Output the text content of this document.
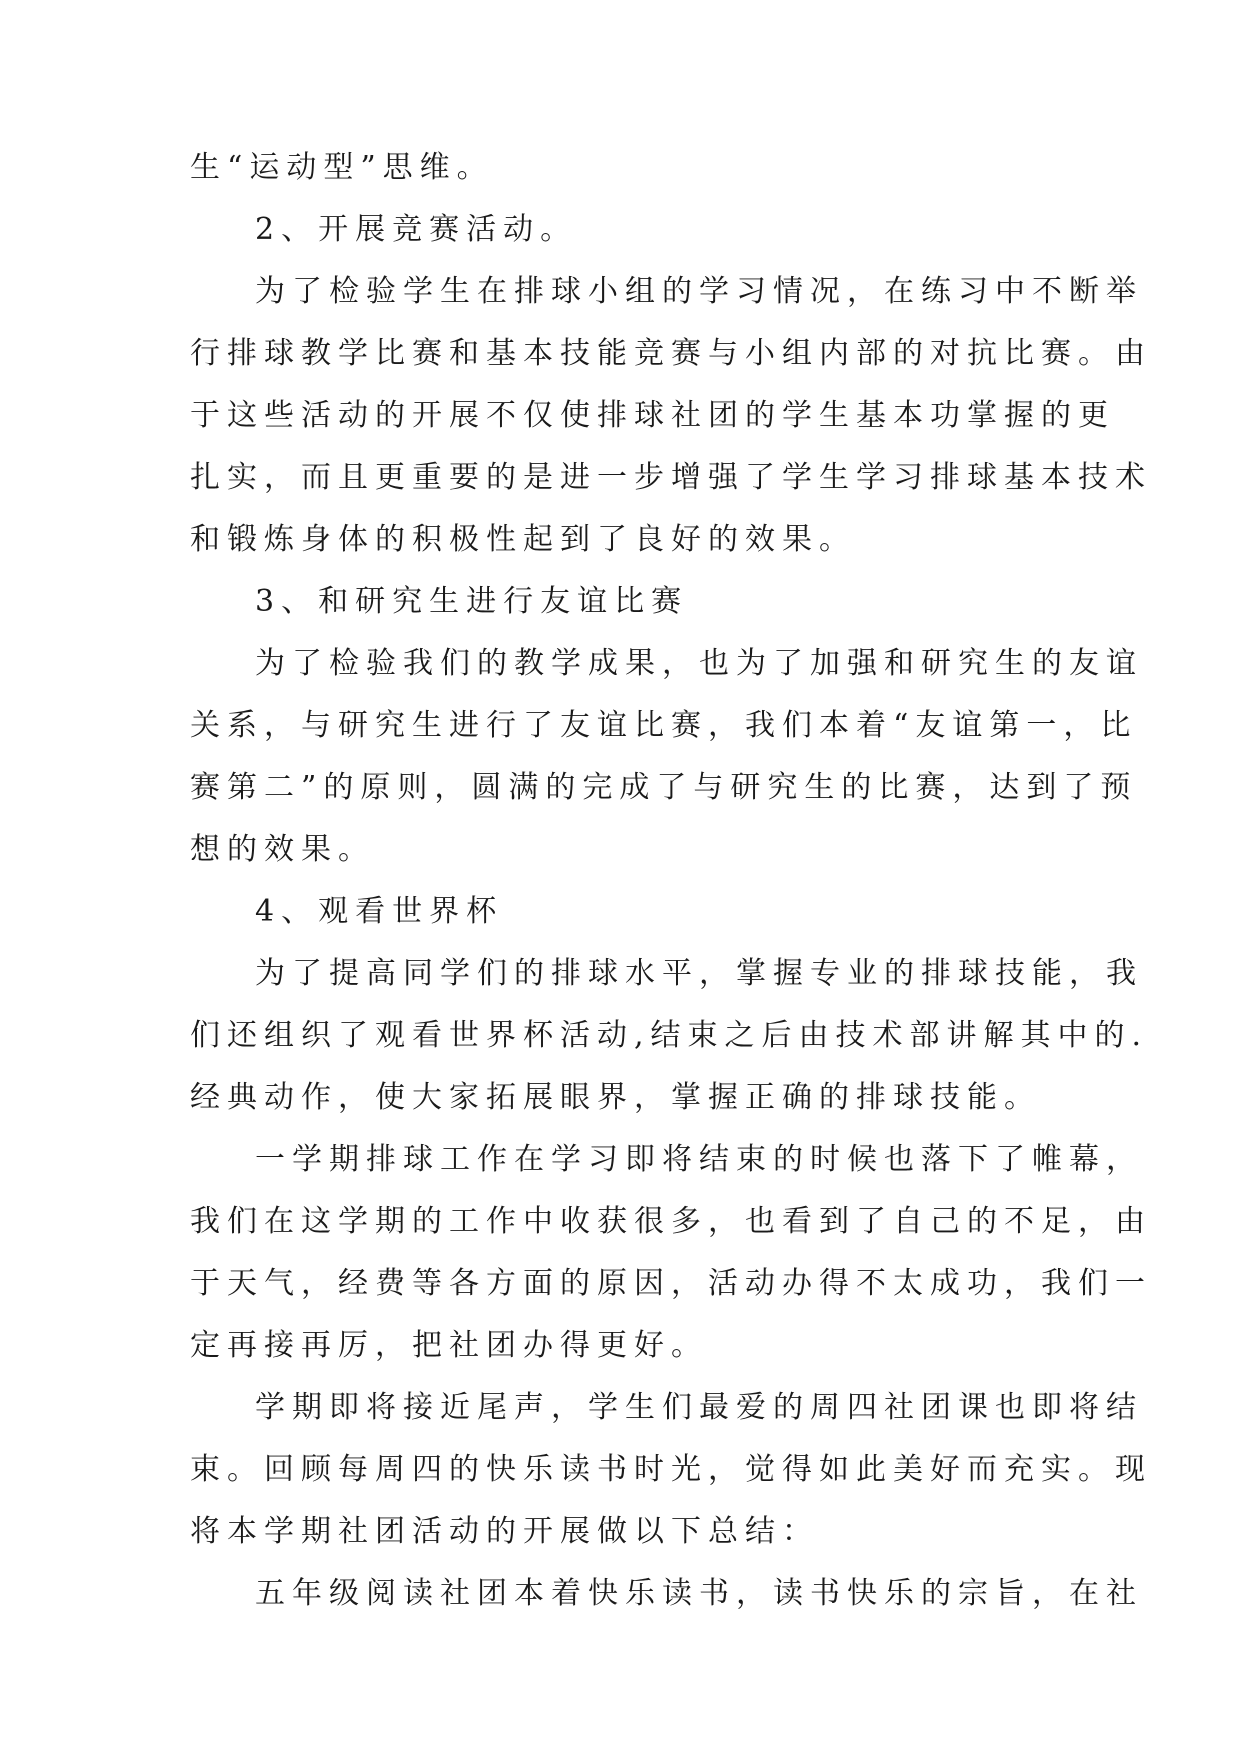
生“运动型”思维。
2、开展竞赛活动。
为了检验学生在排球小组的学习情况，在练习中不断举
行排球教学比赛和基本技能竞赛与小组内部的对抗比赛。由
于这些活动的开展不仅使排球社团的学生基本功掌握的更
扎实，而且更重要的是进一步增强了学生学习排球基本技术
和锻炼身体的积极性起到了良好的效果。
3、和研究生进行友谊比赛
为了检验我们的教学成果，也为了加强和研究生的友谊
关系，与研究生进行了友谊比赛，我们本着“友谊第一，比
赛第二”的原则，圆满的完成了与研究生的比赛，达到了预
想的效果。
4、观看世界杯
为了提高同学们的排球水平，掌握专业的排球技能，我
们还组织了观看世界杯活动,结束之后由技术部讲解其中的.
经典动作，使大家拓展眼界，掌握正确的排球技能。
一学期排球工作在学习即将结束的时候也落下了帷幕，
我们在这学期的工作中收获很多，也看到了自己的不足，由
于天气，经费等各方面的原因，活动办得不太成功，我们一
定再接再厉，把社团办得更好。
学期即将接近尾声，学生们最爱的周四社团课也即将结
束。回顾每周四的快乐读书时光，觉得如此美好而充实。现
将本学期社团活动的开展做以下总结：
五年级阅读社团本着快乐读书，读书快乐的宗旨，在社
